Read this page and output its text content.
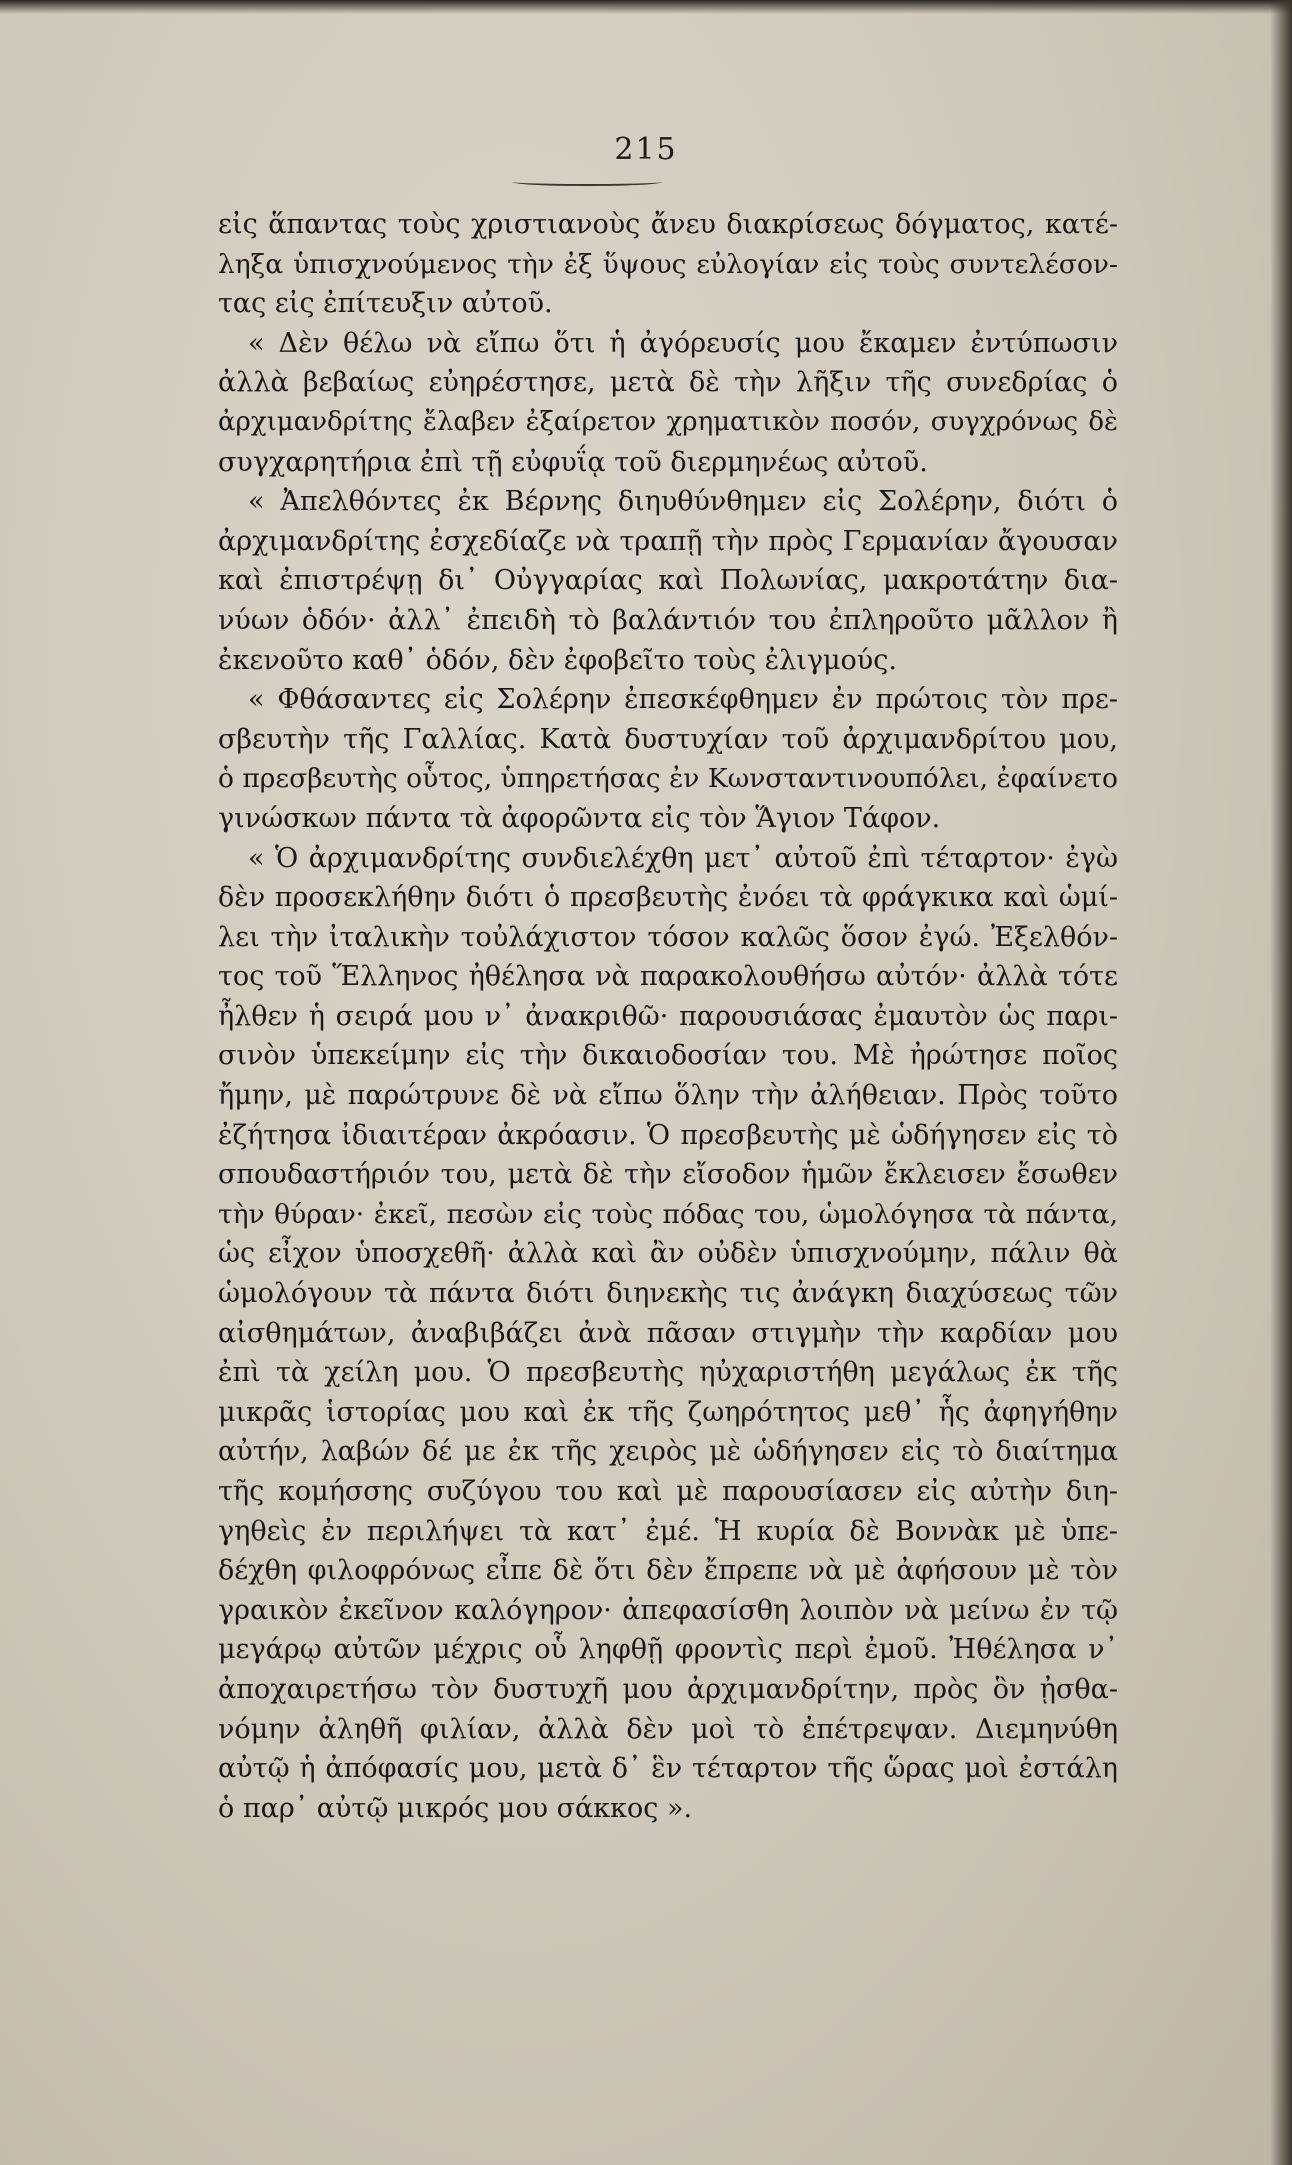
215
εἰς ἅπαντας τοὺς χριστιανοὺς ἄνευ διακρίσεως δόγματος, κατέ-
ληξα ὑπισχνούμενος τὴν ἐξ ὕψους εὐλογίαν εἰς τοὺς συντελέσον-
τας εἰς ἐπίτευξιν αὐτοῦ.
« Δὲν θέλω νὰ εἴπω ὅτι ἡ ἀγόρευσίς μου ἔκαμεν ἐντύπωσιν
ἀλλὰ βεβαίως εὐηρέστησε, μετὰ δὲ τὴν λῆξιν τῆς συνεδρίας ὁ
ἀρχιμανδρίτης ἔλαβεν ἐξαίρετον χρηματικὸν ποσόν, συγχρόνως δὲ
συγχαρητήρια ἐπὶ τῇ εὐφυΐᾳ τοῦ διερμηνέως αὐτοῦ.
« Ἀπελθόντες ἐκ Βέρνης διηυθύνθημεν εἰς Σολέρην, διότι ὁ
ἀρχιμανδρίτης ἐσχεδίαζε νὰ τραπῇ τὴν πρὸς Γερμανίαν ἄγουσαν
καὶ ἐπιστρέψῃ δι᾽ Οὐγγαρίας καὶ Πολωνίας, μακροτάτην δια-
νύων ὁδόν· ἀλλ᾽ ἐπειδὴ τὸ βαλάντιόν του ἐπληροῦτο μᾶλλον ἢ
ἐκενοῦτο καθ᾽ ὁδόν, δὲν ἐφοβεῖτο τοὺς ἐλιγμούς.
« Φθάσαντες εἰς Σολέρην ἐπεσκέφθημεν ἐν πρώτοις τὸν πρε-
σβευτὴν τῆς Γαλλίας. Κατὰ δυστυχίαν τοῦ ἀρχιμανδρίτου μου,
ὁ πρεσβευτὴς οὗτος, ὑπηρετήσας ἐν Κωνσταντινουπόλει, ἐφαίνετο
γινώσκων πάντα τὰ ἀφορῶντα εἰς τὸν Ἅγιον Τάφον.
« Ὁ ἀρχιμανδρίτης συνδιελέχθη μετ᾽ αὐτοῦ ἐπὶ τέταρτον· ἐγὼ
δὲν προσεκλήθην διότι ὁ πρεσβευτὴς ἐνόει τὰ φράγκικα καὶ ὡμί-
λει τὴν ἰταλικὴν τοὐλάχιστον τόσον καλῶς ὅσον ἐγώ. Ἐξελθόν-
τος τοῦ Ἕλληνος ἠθέλησα νὰ παρακολουθήσω αὐτόν· ἀλλὰ τότε
ἦλθεν ἡ σειρά μου ν᾽ ἀνακριθῶ· παρουσιάσας ἐμαυτὸν ὡς παρι-
σινὸν ὑπεκείμην εἰς τὴν δικαιοδοσίαν του. Μὲ ἠρώτησε ποῖος
ἤμην, μὲ παρώτρυνε δὲ νὰ εἴπω ὅλην τὴν ἀλήθειαν. Πρὸς τοῦτο
ἐζήτησα ἰδιαιτέραν ἀκρόασιν. Ὁ πρεσβευτὴς μὲ ὡδήγησεν εἰς τὸ
σπουδαστήριόν του, μετὰ δὲ τὴν εἴσοδον ἡμῶν ἔκλεισεν ἔσωθεν
τὴν θύραν· ἐκεῖ, πεσὼν εἰς τοὺς πόδας του, ὡμολόγησα τὰ πάντα,
ὡς εἶχον ὑποσχεθῆ· ἀλλὰ καὶ ἂν οὐδὲν ὑπισχνούμην, πάλιν θὰ
ὡμολόγουν τὰ πάντα διότι διηνεκὴς τις ἀνάγκη διαχύσεως τῶν
αἰσθημάτων, ἀναβιβάζει ἀνὰ πᾶσαν στιγμὴν τὴν καρδίαν μου
ἐπὶ τὰ χείλη μου. Ὁ πρεσβευτὴς ηὐχαριστήθη μεγάλως ἐκ τῆς
μικρᾶς ἱστορίας μου καὶ ἐκ τῆς ζωηρότητος μεθ᾽ ἧς ἀφηγήθην
αὐτήν, λαβών δέ με ἐκ τῆς χειρὸς μὲ ὡδήγησεν εἰς τὸ διαίτημα
τῆς κομήσσης συζύγου του καὶ μὲ παρουσίασεν εἰς αὐτὴν διη-
γηθεὶς ἐν περιλήψει τὰ κατ᾽ ἐμέ. Ἡ κυρία δὲ Βοννὰκ μὲ ὑπε-
δέχθη φιλοφρόνως εἶπε δὲ ὅτι δὲν ἔπρεπε νὰ μὲ ἀφήσουν μὲ τὸν
γραικὸν ἐκεῖνον καλόγηρον· ἀπεφασίσθη λοιπὸν νὰ μείνω ἐν τῷ
μεγάρῳ αὐτῶν μέχρις οὗ ληφθῇ φροντὶς περὶ ἐμοῦ. Ἠθέλησα ν᾽
ἀποχαιρετήσω τὸν δυστυχῆ μου ἀρχιμανδρίτην, πρὸς ὃν ᾐσθα-
νόμην ἀληθῆ φιλίαν, ἀλλὰ δὲν μοὶ τὸ ἐπέτρεψαν. Διεμηνύθη
αὐτῷ ἡ ἀπόφασίς μου, μετὰ δ᾽ ἓν τέταρτον τῆς ὥρας μοὶ ἐστάλη
ὁ παρ᾽ αὐτῷ μικρός μου σάκκος ».
